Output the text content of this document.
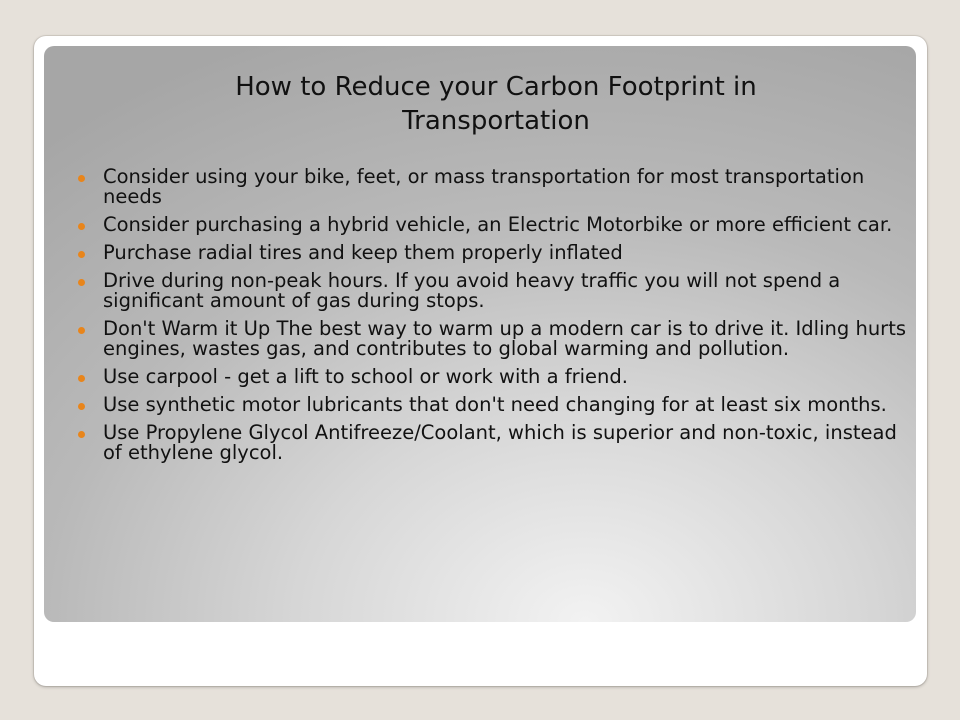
How to Reduce your Carbon Footprint in
Transportation
Consider using your bike, feet, or mass transportation for most transportation needs
Consider purchasing a hybrid vehicle, an Electric Motorbike or more efficient car.
Purchase radial tires and keep them properly inflated
Drive during non-peak hours. If you avoid heavy traffic you will not spend a significant amount of gas during stops.
Don't Warm it Up The best way to warm up a modern car is to drive it. Idling hurts engines, wastes gas, and contributes to global warming and pollution.
Use carpool - get a lift to school or work with a friend.
Use synthetic motor lubricants that don't need changing for at least six months.
Use Propylene Glycol Antifreeze/Coolant, which is superior and non-toxic, instead of ethylene glycol.
